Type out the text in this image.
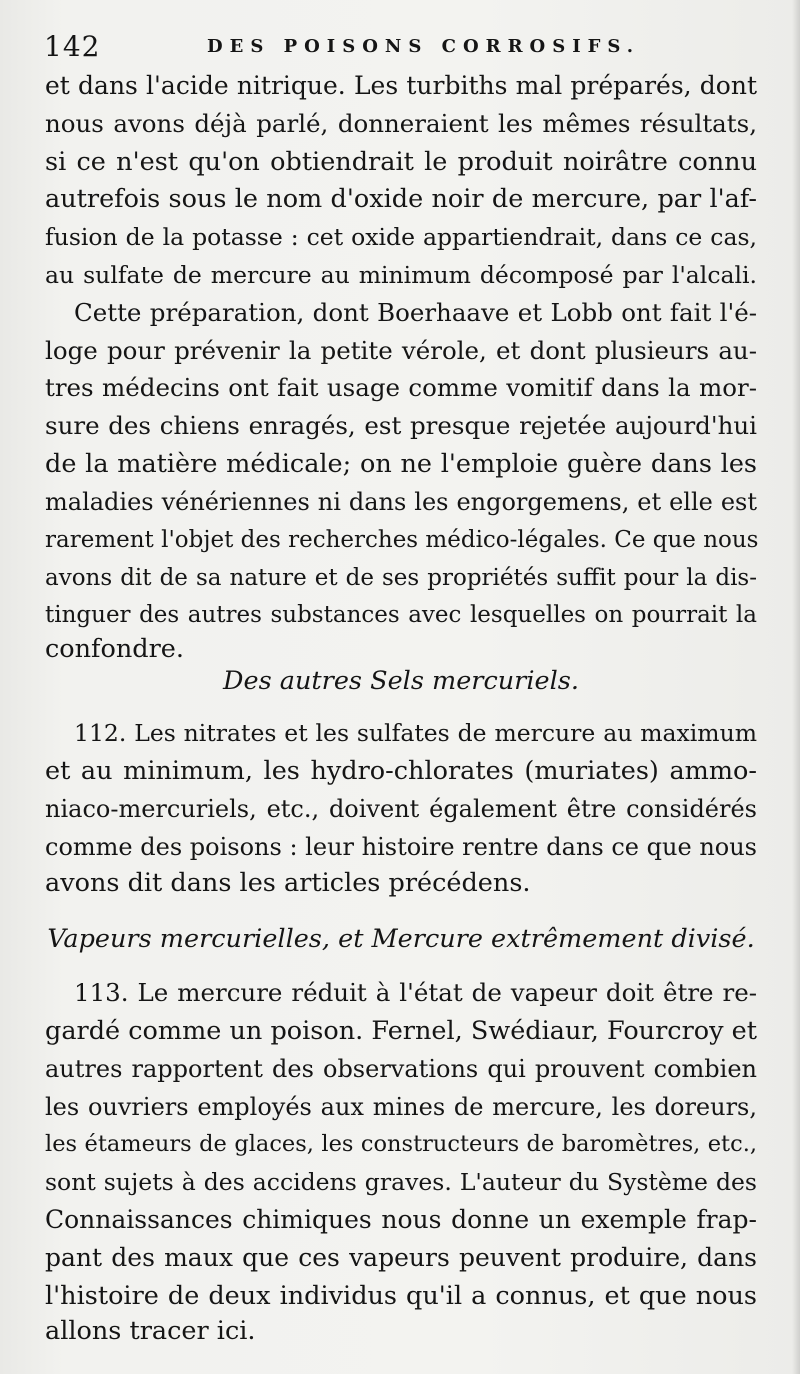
142	DES POISONS CORROSIFS.
et dans l'acide nitrique. Les turbiths mal préparés, dont
nous avons déjà parlé, donneraient les mêmes résultats,
si ce n'est qu'on obtiendrait le produit noirâtre connu
autrefois sous le nom d'oxide noir de mercure, par l'af-
fusion de la potasse : cet oxide appartiendrait, dans ce cas,
au sulfate de mercure au minimum décomposé par l'alcali.
Cette préparation, dont Boerhaave et Lobb ont fait l'é-
loge pour prévenir la petite vérole, et dont plusieurs au-
tres médecins ont fait usage comme vomitif dans la mor-
sure des chiens enragés, est presque rejetée aujourd'hui
de la matière médicale; on ne l'emploie guère dans les
maladies vénériennes ni dans les engorgemens, et elle est
rarement l'objet des recherches médico-légales. Ce que nous
avons dit de sa nature et de ses propriétés suffit pour la dis-
tinguer des autres substances avec lesquelles on pourrait la
confondre.
Des autres Sels mercuriels.
112. Les nitrates et les sulfates de mercure au maximum
et au minimum, les hydro-chlorates (muriates) ammo-
niaco-mercuriels, etc., doivent également être considérés
comme des poisons : leur histoire rentre dans ce que nous
avons dit dans les articles précédens.
Vapeurs mercurielles, et Mercure extrêmement divisé.
113. Le mercure réduit à l'état de vapeur doit être re-
gardé comme un poison. Fernel, Swédiaur, Fourcroy et
autres rapportent des observations qui prouvent combien
les ouvriers employés aux mines de mercure, les doreurs,
les étameurs de glaces, les constructeurs de baromètres, etc.,
sont sujets à des accidens graves. L'auteur du Système des
Connaissances chimiques nous donne un exemple frap-
pant des maux que ces vapeurs peuvent produire, dans
l'histoire de deux individus qu'il a connus, et que nous
allons tracer ici.
